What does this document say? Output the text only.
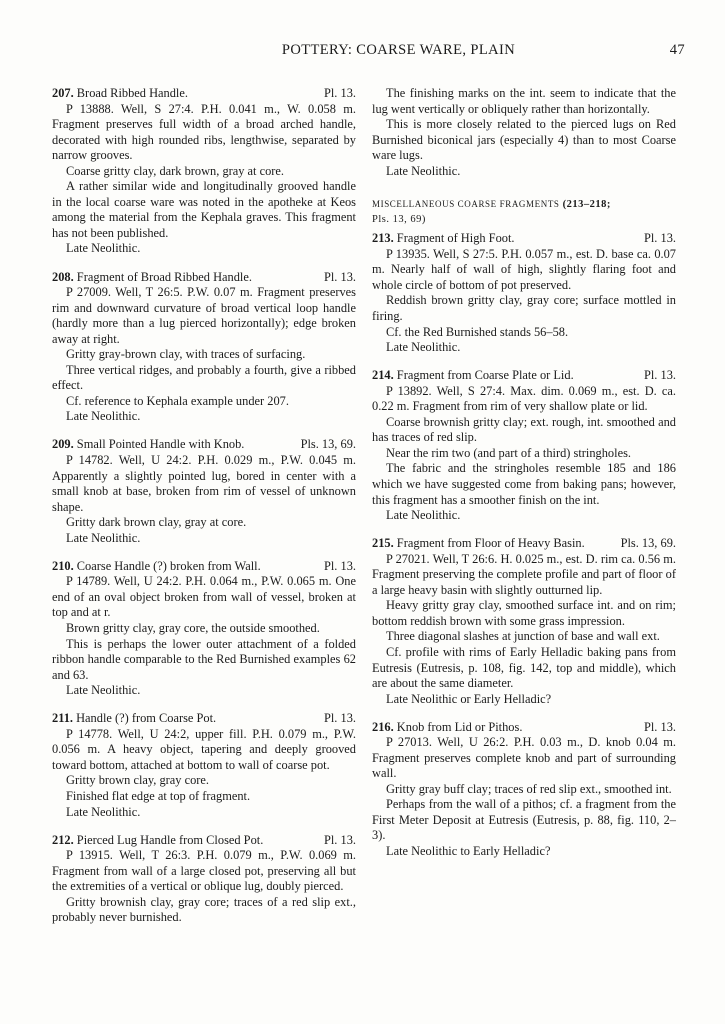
POTTERY: COARSE WARE, PLAIN	47
Pl. 13.
207. Broad Ribbed Handle.

P 13888. Well, S 27:4. P.H. 0.041 m., W. 0.058 m. Fragment preserves full width of a broad arched handle, decorated with high rounded ribs, lengthwise, separated by narrow grooves.

Coarse gritty clay, dark brown, gray at core.

A rather similar wide and longitudinally grooved handle in the local coarse ware was noted in the apotheke at Keos among the material from the Kephala graves. This fragment has not been published.

Late Neolithic.

Pl. 13.
208. Fragment of Broad Ribbed Handle.

P 27009. Well, T 26:5. P.W. 0.07 m. Fragment preserves rim and downward curvature of broad vertical loop handle (hardly more than a lug pierced horizontally); edge broken away at right.

Gritty gray-brown clay, with traces of surfacing.

Three vertical ridges, and probably a fourth, give a ribbed effect.

Cf. reference to Kephala example under 207.

Late Neolithic.

Pls. 13, 69.
209. Small Pointed Handle with Knob.

P 14782. Well, U 24:2. P.H. 0.029 m., P.W. 0.045 m. Apparently a slightly pointed lug, bored in center with a small knob at base, broken from rim of vessel of unknown shape.

Gritty dark brown clay, gray at core.

Late Neolithic.

Pl. 13.
210. Coarse Handle (?) broken from Wall.

P 14789. Well, U 24:2. P.H. 0.064 m., P.W. 0.065 m. One end of an oval object broken from wall of vessel, broken at top and at r.

Brown gritty clay, gray core, the outside smoothed.

This is perhaps the lower outer attachment of a folded ribbon handle comparable to the Red Burnished examples 62 and 63.

Late Neolithic.

Pl. 13.
211. Handle (?) from Coarse Pot.

P 14778. Well, U 24:2, upper fill. P.H. 0.079 m., P.W. 0.056 m. A heavy object, tapering and deeply grooved toward bottom, attached at bottom to wall of coarse pot.

Gritty brown clay, gray core.

Finished flat edge at top of fragment.

Late Neolithic.

Pl. 13.
212. Pierced Lug Handle from Closed Pot.

P 13915. Well, T 26:3. P.H. 0.079 m., P.W. 0.069 m. Fragment from wall of a large closed pot, preserving all but the extremities of a vertical or oblique lug, doubly pierced.

Gritty brownish clay, gray core; traces of a red slip ext., probably never burnished.

The finishing marks on the int. seem to indicate that the lug went vertically or obliquely rather than horizontally.

This is more closely related to the pierced lugs on Red Burnished biconical jars (especially 4) than to most Coarse ware lugs.

Late Neolithic.

MISCELLANEOUS COARSE FRAGMENTS (213–218;
Pls. 13, 69)
Pl. 13.
213. Fragment of High Foot.

P 13935. Well, S 27:5. P.H. 0.057 m., est. D. base ca. 0.07 m. Nearly half of wall of high, slightly flaring foot and whole circle of bottom of pot preserved.

Reddish brown gritty clay, gray core; surface mottled in firing.

Cf. the Red Burnished stands 56–58.

Late Neolithic.

Pl. 13.
214. Fragment from Coarse Plate or Lid.

P 13892. Well, S 27:4. Max. dim. 0.069 m., est. D. ca. 0.22 m. Fragment from rim of very shallow plate or lid.

Coarse brownish gritty clay; ext. rough, int. smoothed and has traces of red slip.

Near the rim two (and part of a third) stringholes.

The fabric and the stringholes resemble 185 and 186 which we have suggested come from baking pans; however, this fragment has a smoother finish on the int.

Late Neolithic.

Pls. 13, 69.
215. Fragment from Floor of Heavy Basin.

P 27021. Well, T 26:6. H. 0.025 m., est. D. rim ca. 0.56 m. Fragment preserving the complete profile and part of floor of a large heavy basin with slightly outturned lip.

Heavy gritty gray clay, smoothed surface int. and on rim; bottom reddish brown with some grass impression.

Three diagonal slashes at junction of base and wall ext.

Cf. profile with rims of Early Helladic baking pans from Eutresis (Eutresis, p. 108, fig. 142, top and middle), which are about the same diameter.

Late Neolithic or Early Helladic?

Pl. 13.
216. Knob from Lid or Pithos.

P 27013. Well, U 26:2. P.H. 0.03 m., D. knob 0.04 m. Fragment preserves complete knob and part of surrounding wall.

Gritty gray buff clay; traces of red slip ext., smoothed int.

Perhaps from the wall of a pithos; cf. a fragment from the First Meter Deposit at Eutresis (Eutresis, p. 88, fig. 110, 2–3).

Late Neolithic to Early Helladic?
